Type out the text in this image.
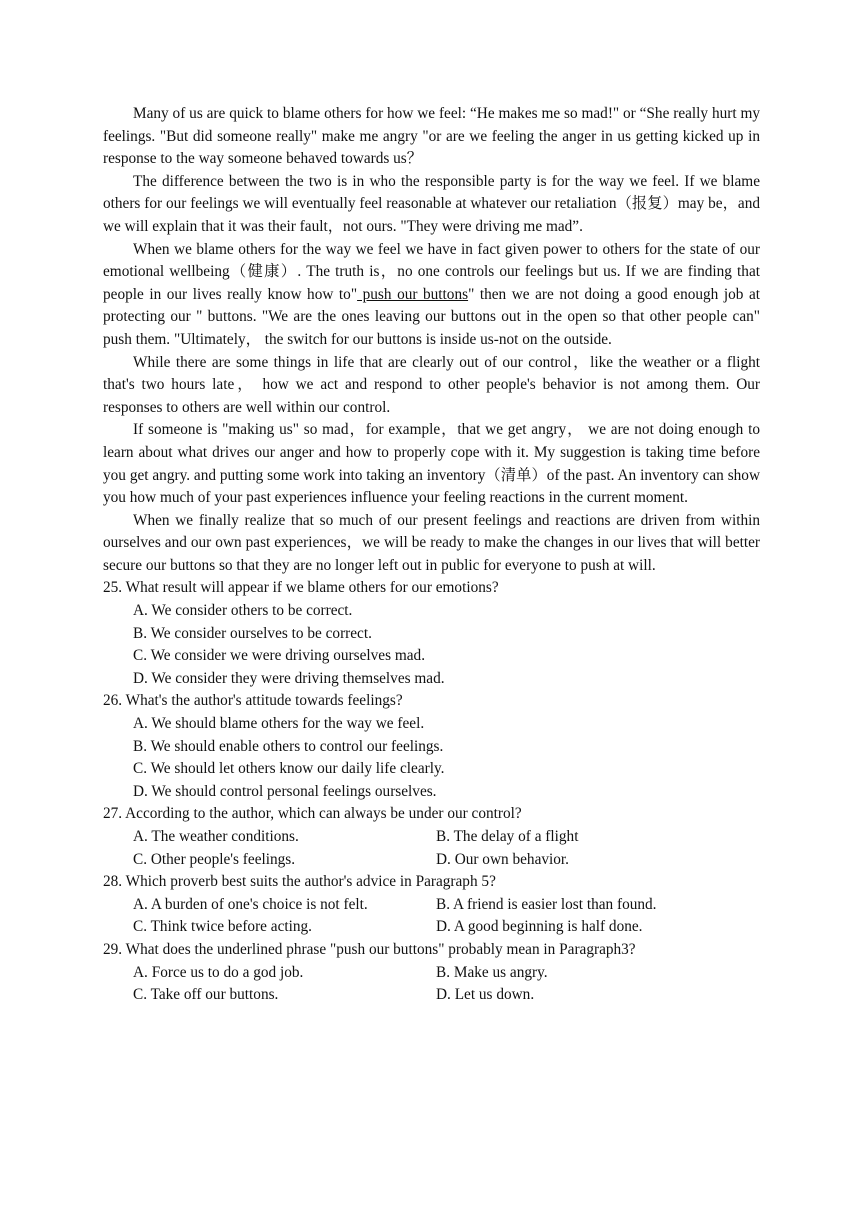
Many of us are quick to blame others for how we feel: “He makes me so mad!" or “She really hurt my feelings. "But did someone really" make me angry "or are we feeling the anger in us getting kicked up in response to the way someone behaved towards us？

The difference between the two is in who the responsible party is for the way we feel. If we blame others for our feelings we will eventually feel reasonable at whatever our retaliation（报复）may be，and we will explain that it was their fault，not ours. "They were driving me mad”.

When we blame others for the way we feel we have in fact given power to others for the state of our emotional wellbeing（健康）. The truth is，no one controls our feelings but us. If we are finding that people in our lives really know how to" push our buttons" then we are not doing a good enough job at protecting our " buttons. "We are the ones leaving our buttons out in the open so that other people can" push them. "Ultimately， the switch for our buttons is inside us-not on the outside.

While there are some things in life that are clearly out of our control，like the weather or a flight that's two hours late， how we act and respond to other people's behavior is not among them. Our responses to others are well within our control.

If someone is "making us" so mad，for example，that we get angry， we are not doing enough to learn about what drives our anger and how to properly cope with it. My suggestion is taking time before you get angry. and putting some work into taking an inventory（清单）of the past. An inventory can show you how much of your past experiences influence your feeling reactions in the current moment.

When we finally realize that so much of our present feelings and reactions are driven from within ourselves and our own past experiences，we will be ready to make the changes in our lives that will better secure our buttons so that they are no longer left out in public for everyone to push at will.

25. What result will appear if we blame others for our emotions?

A. We consider others to be correct.

B. We consider ourselves to be correct.

C. We consider we were driving ourselves mad.

D. We consider they were driving themselves mad.

26. What's the author's attitude towards feelings?

A. We should blame others for the way we feel.

B. We should enable others to control our feelings.

C. We should let others know our daily life clearly.

D. We should control personal feelings ourselves.

27. According to the author, which can always be under our control?

A. The weather conditions.	B. The delay of a flight
C. Other people's feelings.	D. Our own behavior.

28. Which proverb best suits the author's advice in Paragraph 5?

A. A burden of one's choice is not felt.	B. A friend is easier lost than found.
C. Think twice before acting.	D. A good beginning is half done.

29. What does the underlined phrase "push our buttons" probably mean in Paragraph3?

A. Force us to do a god job.	B. Make us angry.
C. Take off our buttons.	D. Let us down.
